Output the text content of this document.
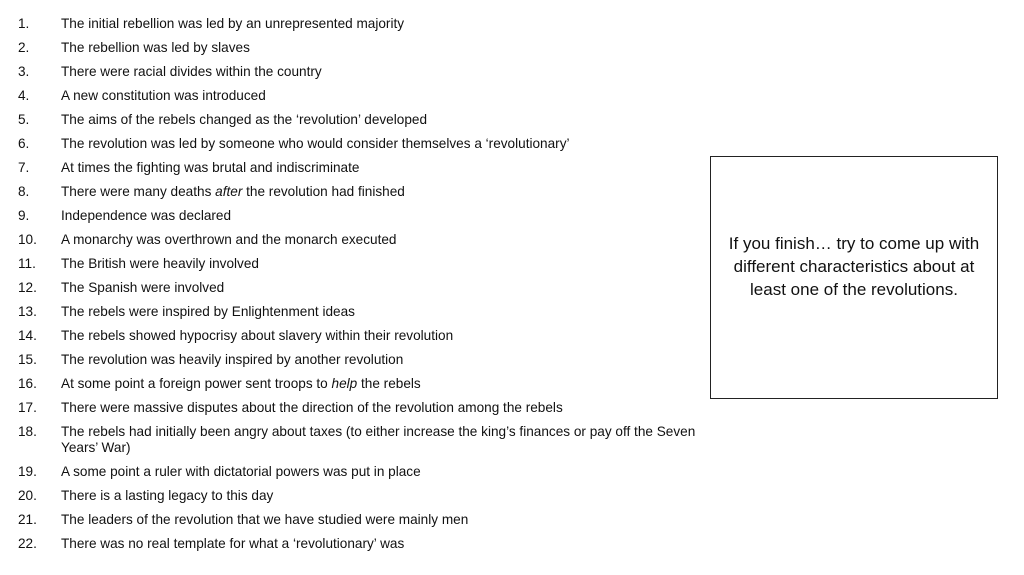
1.	The initial rebellion was led by an unrepresented majority
2.	The rebellion was led by slaves
3.	There were racial divides within the country
4.	A new constitution was introduced
5.	The aims of the rebels changed as the ‘revolution’ developed
6.	The revolution was led by someone who would consider themselves a ‘revolutionary’
7.	At times the fighting was brutal and indiscriminate
8.	There were many deaths after the revolution had finished
9.	Independence was declared
10.	A monarchy was overthrown and the monarch executed
11.	The British were heavily involved
12.	The Spanish were involved
13.	The rebels were inspired by Enlightenment ideas
14.	The rebels showed hypocrisy about slavery within their revolution
15.	The revolution was heavily inspired by another revolution
16.	At some point a foreign power sent troops to help the rebels
17.	There were massive disputes about the direction of the revolution among the rebels
18.	The rebels had initially been angry about taxes (to either increase the king’s finances or pay off the Seven Years’ War)
19.	A some point a ruler with dictatorial powers was put in place
20.	There is a lasting legacy to this day
21.	The leaders of the revolution that we have studied were mainly men
22.	There was no real template for what a ‘revolutionary’ was
If you finish… try to come up with different characteristics about at least one of the revolutions.
